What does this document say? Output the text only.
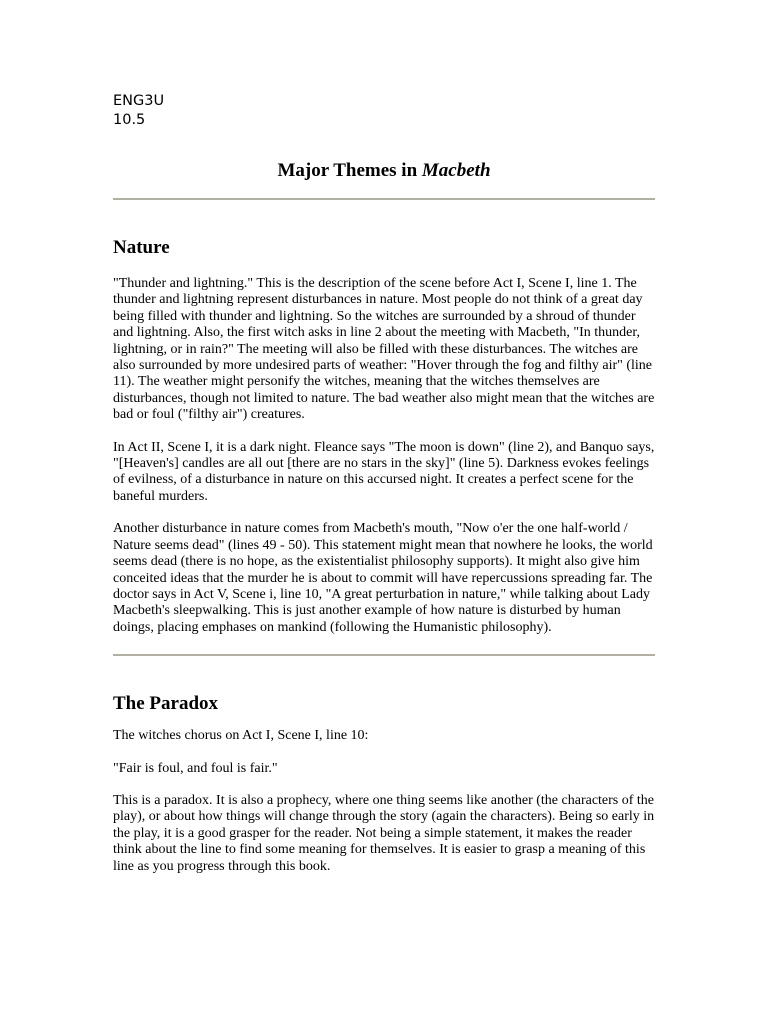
ENG3U

10.5

Major Themes in Macbeth
Nature

"Thunder and lightning." This is the description of the scene before Act I, Scene I, line 1. The thunder and lightning represent disturbances in nature. Most people do not think of a great day being filled with thunder and lightning. So the witches are surrounded by a shroud of thunder and lightning. Also, the first witch asks in line 2 about the meeting with Macbeth, "In thunder, lightning, or in rain?" The meeting will also be filled with these disturbances. The witches are also surrounded by more undesired parts of weather: "Hover through the fog and filthy air" (line 11). The weather might personify the witches, meaning that the witches themselves are disturbances, though not limited to nature. The bad weather also might mean that the witches are bad or foul ("filthy air") creatures.

In Act II, Scene I, it is a dark night. Fleance says "The moon is down" (line 2), and Banquo says, "[Heaven's] candles are all out [there are no stars in the sky]" (line 5). Darkness evokes feelings of evilness, of a disturbance in nature on this accursed night. It creates a perfect scene for the baneful murders.

Another disturbance in nature comes from Macbeth's mouth, "Now o'er the one half-world / Nature seems dead" (lines 49 - 50). This statement might mean that nowhere he looks, the world seems dead (there is no hope, as the existentialist philosophy supports). It might also give him conceited ideas that the murder he is about to commit will have repercussions spreading far. The doctor says in Act V, Scene i, line 10, "A great perturbation in nature," while talking about Lady Macbeth's sleepwalking. This is just another example of how nature is disturbed by human doings, placing emphases on mankind (following the Humanistic philosophy).

The Paradox

The witches chorus on Act I, Scene I, line 10:

"Fair is foul, and foul is fair."

This is a paradox. It is also a prophecy, where one thing seems like another (the characters of the play), or about how things will change through the story (again the characters). Being so early in the play, it is a good grasper for the reader. Not being a simple statement, it makes the reader think about the line to find some meaning for themselves. It is easier to grasp a meaning of this line as you progress through this book.
